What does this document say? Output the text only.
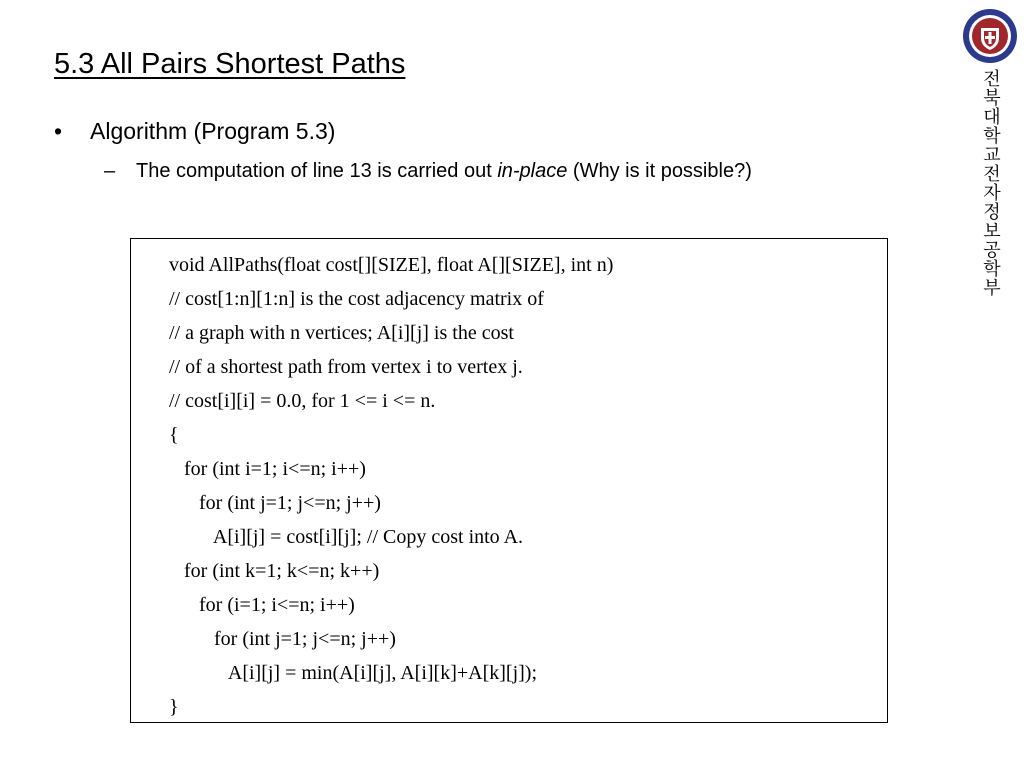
5.3 All Pairs Shortest Paths
• Algorithm (Program 5.3)
– The computation of line 13 is carried out in-place (Why is it possible?)
void AllPaths(float cost[][SIZE], float A[][SIZE], int n)
// cost[1:n][1:n] is the cost adjacency matrix of
// a graph with n vertices; A[i][j] is the cost
// of a shortest path from vertex i to vertex j.
// cost[i][i] = 0.0, for 1 <= i <= n.
{
for (int i=1; i<=n; i++)
for (int j=1; j<=n; j++)
A[i][j] = cost[i][j]; // Copy cost into A.
for (int k=1; k<=n; k++)
for (i=1; i<=n; i++)
for (int j=1; j<=n; j++)
A[i][j] = min(A[i][j], A[i][k]+A[k][j]);
}
전북대학교 전자정보공학부
